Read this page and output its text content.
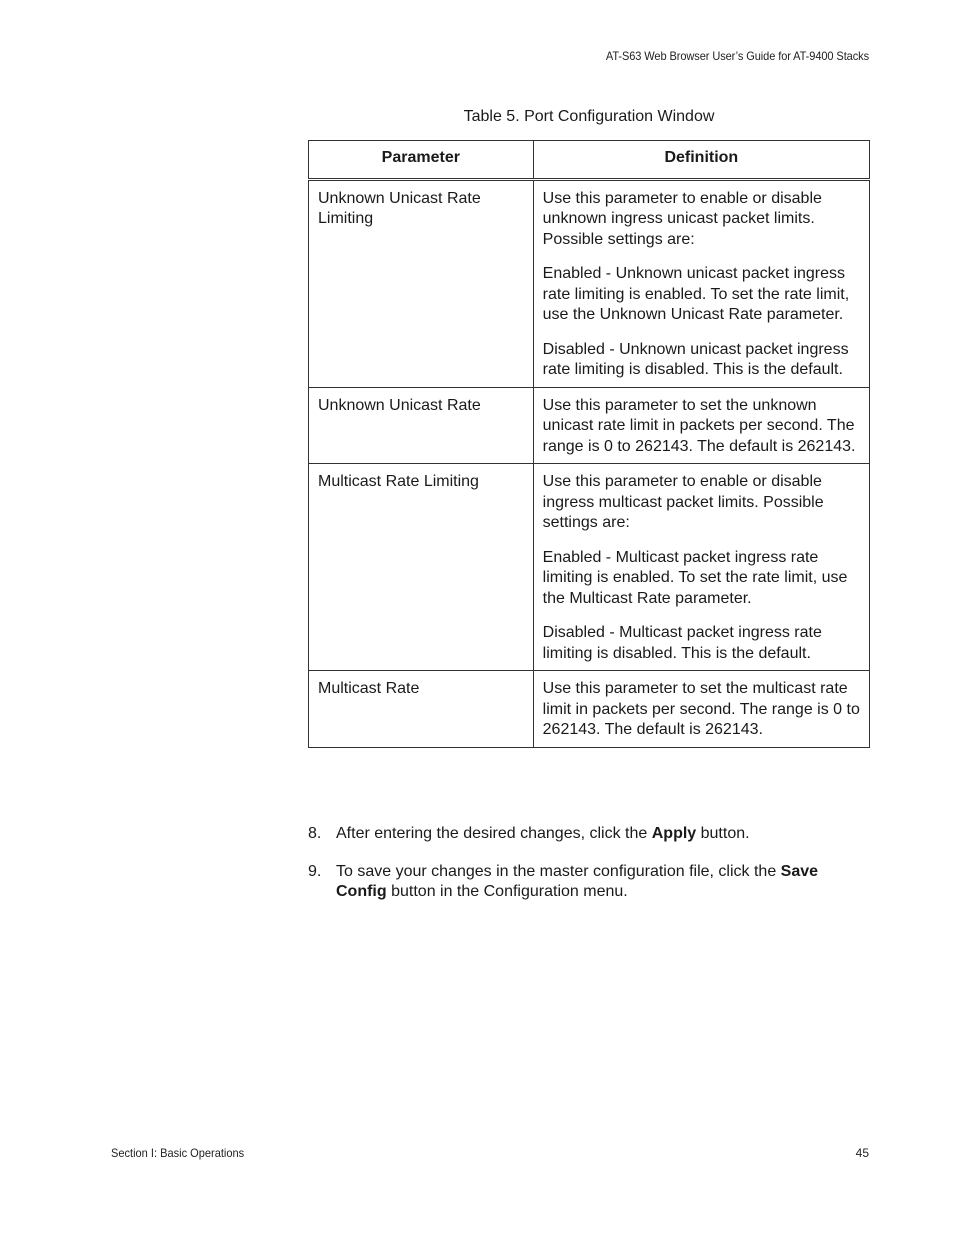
AT-S63 Web Browser User’s Guide for AT-9400 Stacks
Table 5. Port Configuration Window
Parameter	Definition
Unknown Unicast Rate Limiting	Use this parameter to enable or disable unknown ingress unicast packet limits. Possible settings are:

Enabled - Unknown unicast packet ingress rate limiting is enabled. To set the rate limit, use the Unknown Unicast Rate parameter.

Disabled - Unknown unicast packet ingress rate limiting is disabled. This is the default.

Unknown Unicast Rate	Use this parameter to set the unknown unicast rate limit in packets per second. The range is 0 to 262143. The default is 262143.

Multicast Rate Limiting	Use this parameter to enable or disable ingress multicast packet limits. Possible settings are:

Enabled - Multicast packet ingress rate limiting is enabled. To set the rate limit, use the Multicast Rate parameter.

Disabled - Multicast packet ingress rate limiting is disabled. This is the default.

Multicast Rate	Use this parameter to set the multicast rate limit in packets per second. The range is 0 to 262143. The default is 262143.

8. After entering the desired changes, click the Apply button.
9. To save your changes in the master configuration file, click the Save Config button in the Configuration menu.
Section I: Basic Operations	45
